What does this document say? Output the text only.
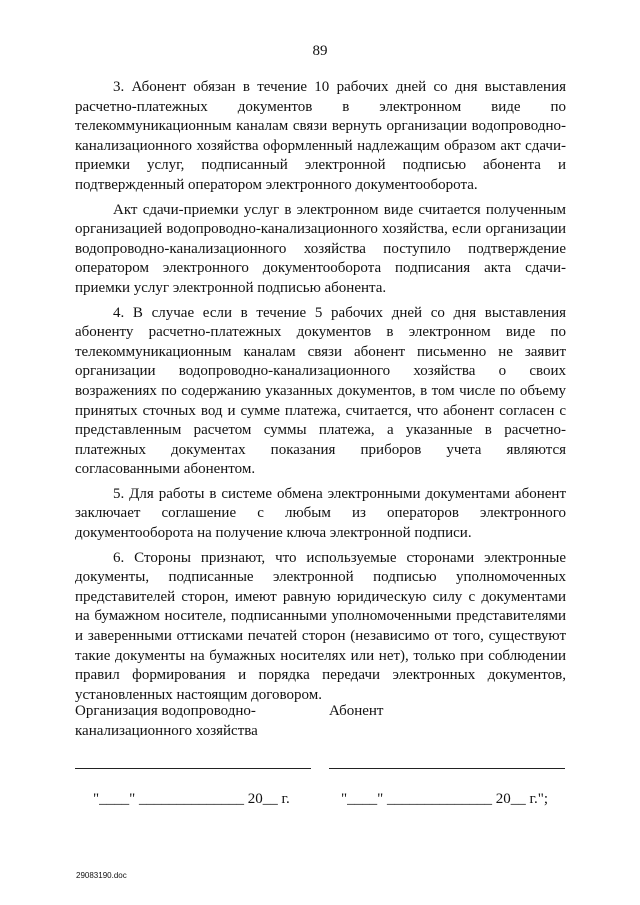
89

3. Абонент обязан в течение 10 рабочих дней со дня выставления расчетно-платежных документов в электронном виде по телекоммуникационным каналам связи вернуть организации водопроводно-канализационного хозяйства оформленный надлежащим образом акт сдачи-приемки услуг, подписанный электронной подписью абонента и подтвержденный оператором электронного документооборота.

Акт сдачи-приемки услуг в электронном виде считается полученным организацией водопроводно-канализационного хозяйства, если организации водопроводно-канализационного хозяйства поступило подтверждение оператором электронного документооборота подписания акта сдачи-приемки услуг электронной подписью абонента.

4. В случае если в течение 5 рабочих дней со дня выставления абоненту расчетно-платежных документов в электронном виде по телекоммуникационным каналам связи абонент письменно не заявит организации водопроводно-канализационного хозяйства о своих возражениях по содержанию указанных документов, в том числе по объему принятых сточных вод и сумме платежа, считается, что абонент согласен с представленным расчетом суммы платежа, а указанные в расчетно-платежных документах показания приборов учета являются согласованными абонентом.

5. Для работы в системе обмена электронными документами абонент заключает соглашение с любым из операторов электронного документооборота на получение ключа электронной подписи.

6. Стороны признают, что используемые сторонами электронные документы, подписанные электронной подписью уполномоченных представителей сторон, имеют равную юридическую силу с документами на бумажном носителе, подписанными уполномоченными представителями и заверенными оттисками печатей сторон (независимо от того, существуют такие документы на бумажных носителях или нет), только при соблюдении правил формирования и порядка передачи электронных документов, установленных настоящим договором.

Организация водопроводно-канализационного хозяйства
Абонент
"____" ______________ 20__ г.	"____" ______________ 20__ г.";
29083190.doc
